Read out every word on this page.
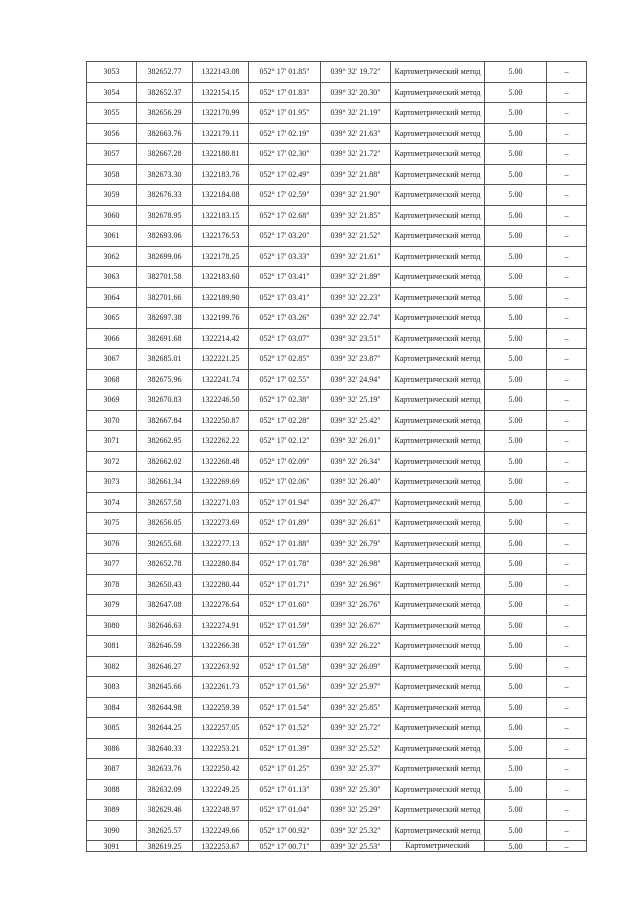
3053	382652.77	1322143.08	052° 17' 01.85"	039° 32' 19.72"	Картометрический метод	5.00	–
3054	382652.37	1322154.15	052° 17' 01.83"	039° 32' 20.30"	Картометрический метод	5.00	–
3055	382656.29	1322170.99	052° 17' 01.95"	039° 32' 21.19"	Картометрический метод	5.00	–
3056	382663.76	1322179.11	052° 17' 02.19"	039° 32' 21.63"	Картометрический метод	5.00	–
3057	382667.28	1322180.81	052° 17' 02.30"	039° 32' 21.72"	Картометрический метод	5.00	–
3058	382673.30	1322183.76	052° 17' 02.49"	039° 32' 21.88"	Картометрический метод	5.00	–
3059	382676.33	1322184.08	052° 17' 02.59"	039° 32' 21.90"	Картометрический метод	5.00	–
3060	382678.95	1322183.15	052° 17' 02.68"	039° 32' 21.85"	Картометрический метод	5.00	–
3061	382693.06	1322176.53	052° 17' 03.20"	039° 32' 21.52"	Картометрический метод	5.00	–
3062	382699.06	1322178.25	052° 17' 03.33"	039° 32' 21.61"	Картометрический метод	5.00	–
3063	382701.58	1322183.60	052° 17' 03.41"	039° 32' 21.89"	Картометрический метод	5.00	–
3064	382701.66	1322189.90	052° 17' 03.41"	039° 32' 22.23"	Картометрический метод	5.00	–
3065	382697.38	1322199.76	052° 17' 03.26"	039° 32' 22.74"	Картометрический метод	5.00	–
3066	382691.68	1322214.42	052° 17' 03.07"	039° 32' 23.51"	Картометрический метод	5.00	–
3067	382685.01	1322221.25	052° 17' 02.85"	039° 32' 23.87"	Картометрический метод	5.00	–
3068	382675.96	1322241.74	052° 17' 02.55"	039° 32' 24.94"	Картометрический метод	5.00	–
3069	382670.83	1322246.50	052° 17' 02.38"	039° 32' 25.19"	Картометрический метод	5.00	–
3070	382667.84	1322250.87	052° 17' 02.28"	039° 32' 25.42"	Картометрический метод	5.00	–
3071	382662.95	1322262.22	052° 17' 02.12"	039° 32' 26.01"	Картометрический метод	5.00	–
3072	382662.02	1322268.48	052° 17' 02.09"	039° 32' 26.34"	Картометрический метод	5.00	–
3073	382661.34	1322269.69	052° 17' 02.06"	039° 32' 26.40"	Картометрический метод	5.00	–
3074	382657.58	1322271.03	052° 17' 01.94"	039° 32' 26.47"	Картометрический метод	5.00	–
3075	382656.05	1322273.69	052° 17' 01.89"	039° 32' 26.61"	Картометрический метод	5.00	–
3076	382655.68	1322277.13	052° 17' 01.88"	039° 32' 26.79"	Картометрический метод	5.00	–
3077	382652.78	1322280.84	052° 17' 01.78"	039° 32' 26.98"	Картометрический метод	5.00	–
3078	382650.43	1322280.44	052° 17' 01.71"	039° 32' 26.96"	Картометрический метод	5.00	–
3079	382647.08	1322276.64	052° 17' 01.60"	039° 32' 26.76"	Картометрический метод	5.00	–
3080	382646.63	1322274.91	052° 17' 01.59"	039° 32' 26.67"	Картометрический метод	5.00	–
3081	382646.59	1322266.38	052° 17' 01.59"	039° 32' 26.22"	Картометрический метод	5.00	–
3082	382646.27	1322263.92	052° 17' 01.58"	039° 32' 26.09"	Картометрический метод	5.00	–
3083	382645.66	1322261.73	052° 17' 01.56"	039° 32' 25.97"	Картометрический метод	5.00	–
3084	382644.98	1322259.39	052° 17' 01.54"	039° 32' 25.85"	Картометрический метод	5.00	–
3085	382644.25	1322257.05	052° 17' 01.52"	039° 32' 25.72"	Картометрический метод	5.00	–
3086	382640.33	1322253.21	052° 17' 01.39"	039° 32' 25.52"	Картометрический метод	5.00	–
3087	382633.76	1322250.42	052° 17' 01.25"	039° 32' 25.37"	Картометрический метод	5.00	–
3088	382632.09	1322249.25	052° 17' 01.13"	039° 32' 25.30"	Картометрический метод	5.00	–
3089	382629.46	1322248.97	052° 17' 01.04"	039° 32' 25.29"	Картометрический метод	5.00	–
3090	382625.57	1322249.66	052° 17' 00.92"	039° 32' 25.32"	Картометрический метод	5.00	–
3091	382619.25	1322253.67	052° 17' 00.71"	039° 32' 25.53"	Картометрический	5.00	–
